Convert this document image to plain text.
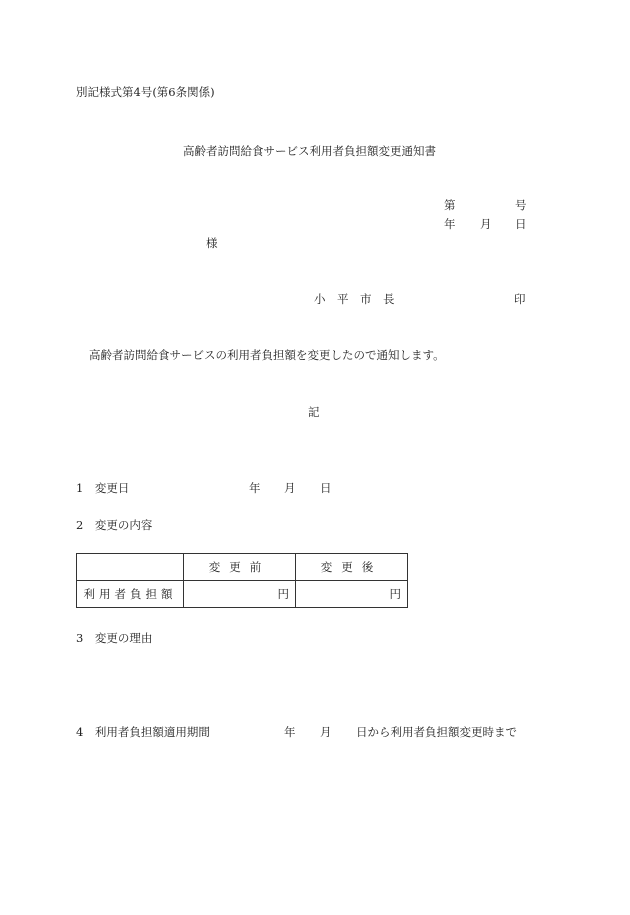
別記様式第4号(第6条関係)
高齢者訪問給食サービス利用者負担額変更通知書
第	号
年 月 日
様
小　平　市　長	印
高齢者訪問給食サービスの利用者負担額を変更したので通知します。
記
1　変更日	年 月 日
2　変更の内容
	変更前	変更後
利用者負担額	円	円
3　変更の理由
4　利用者負担額適用期間	年 月 日から利用者負担額変更時まで
